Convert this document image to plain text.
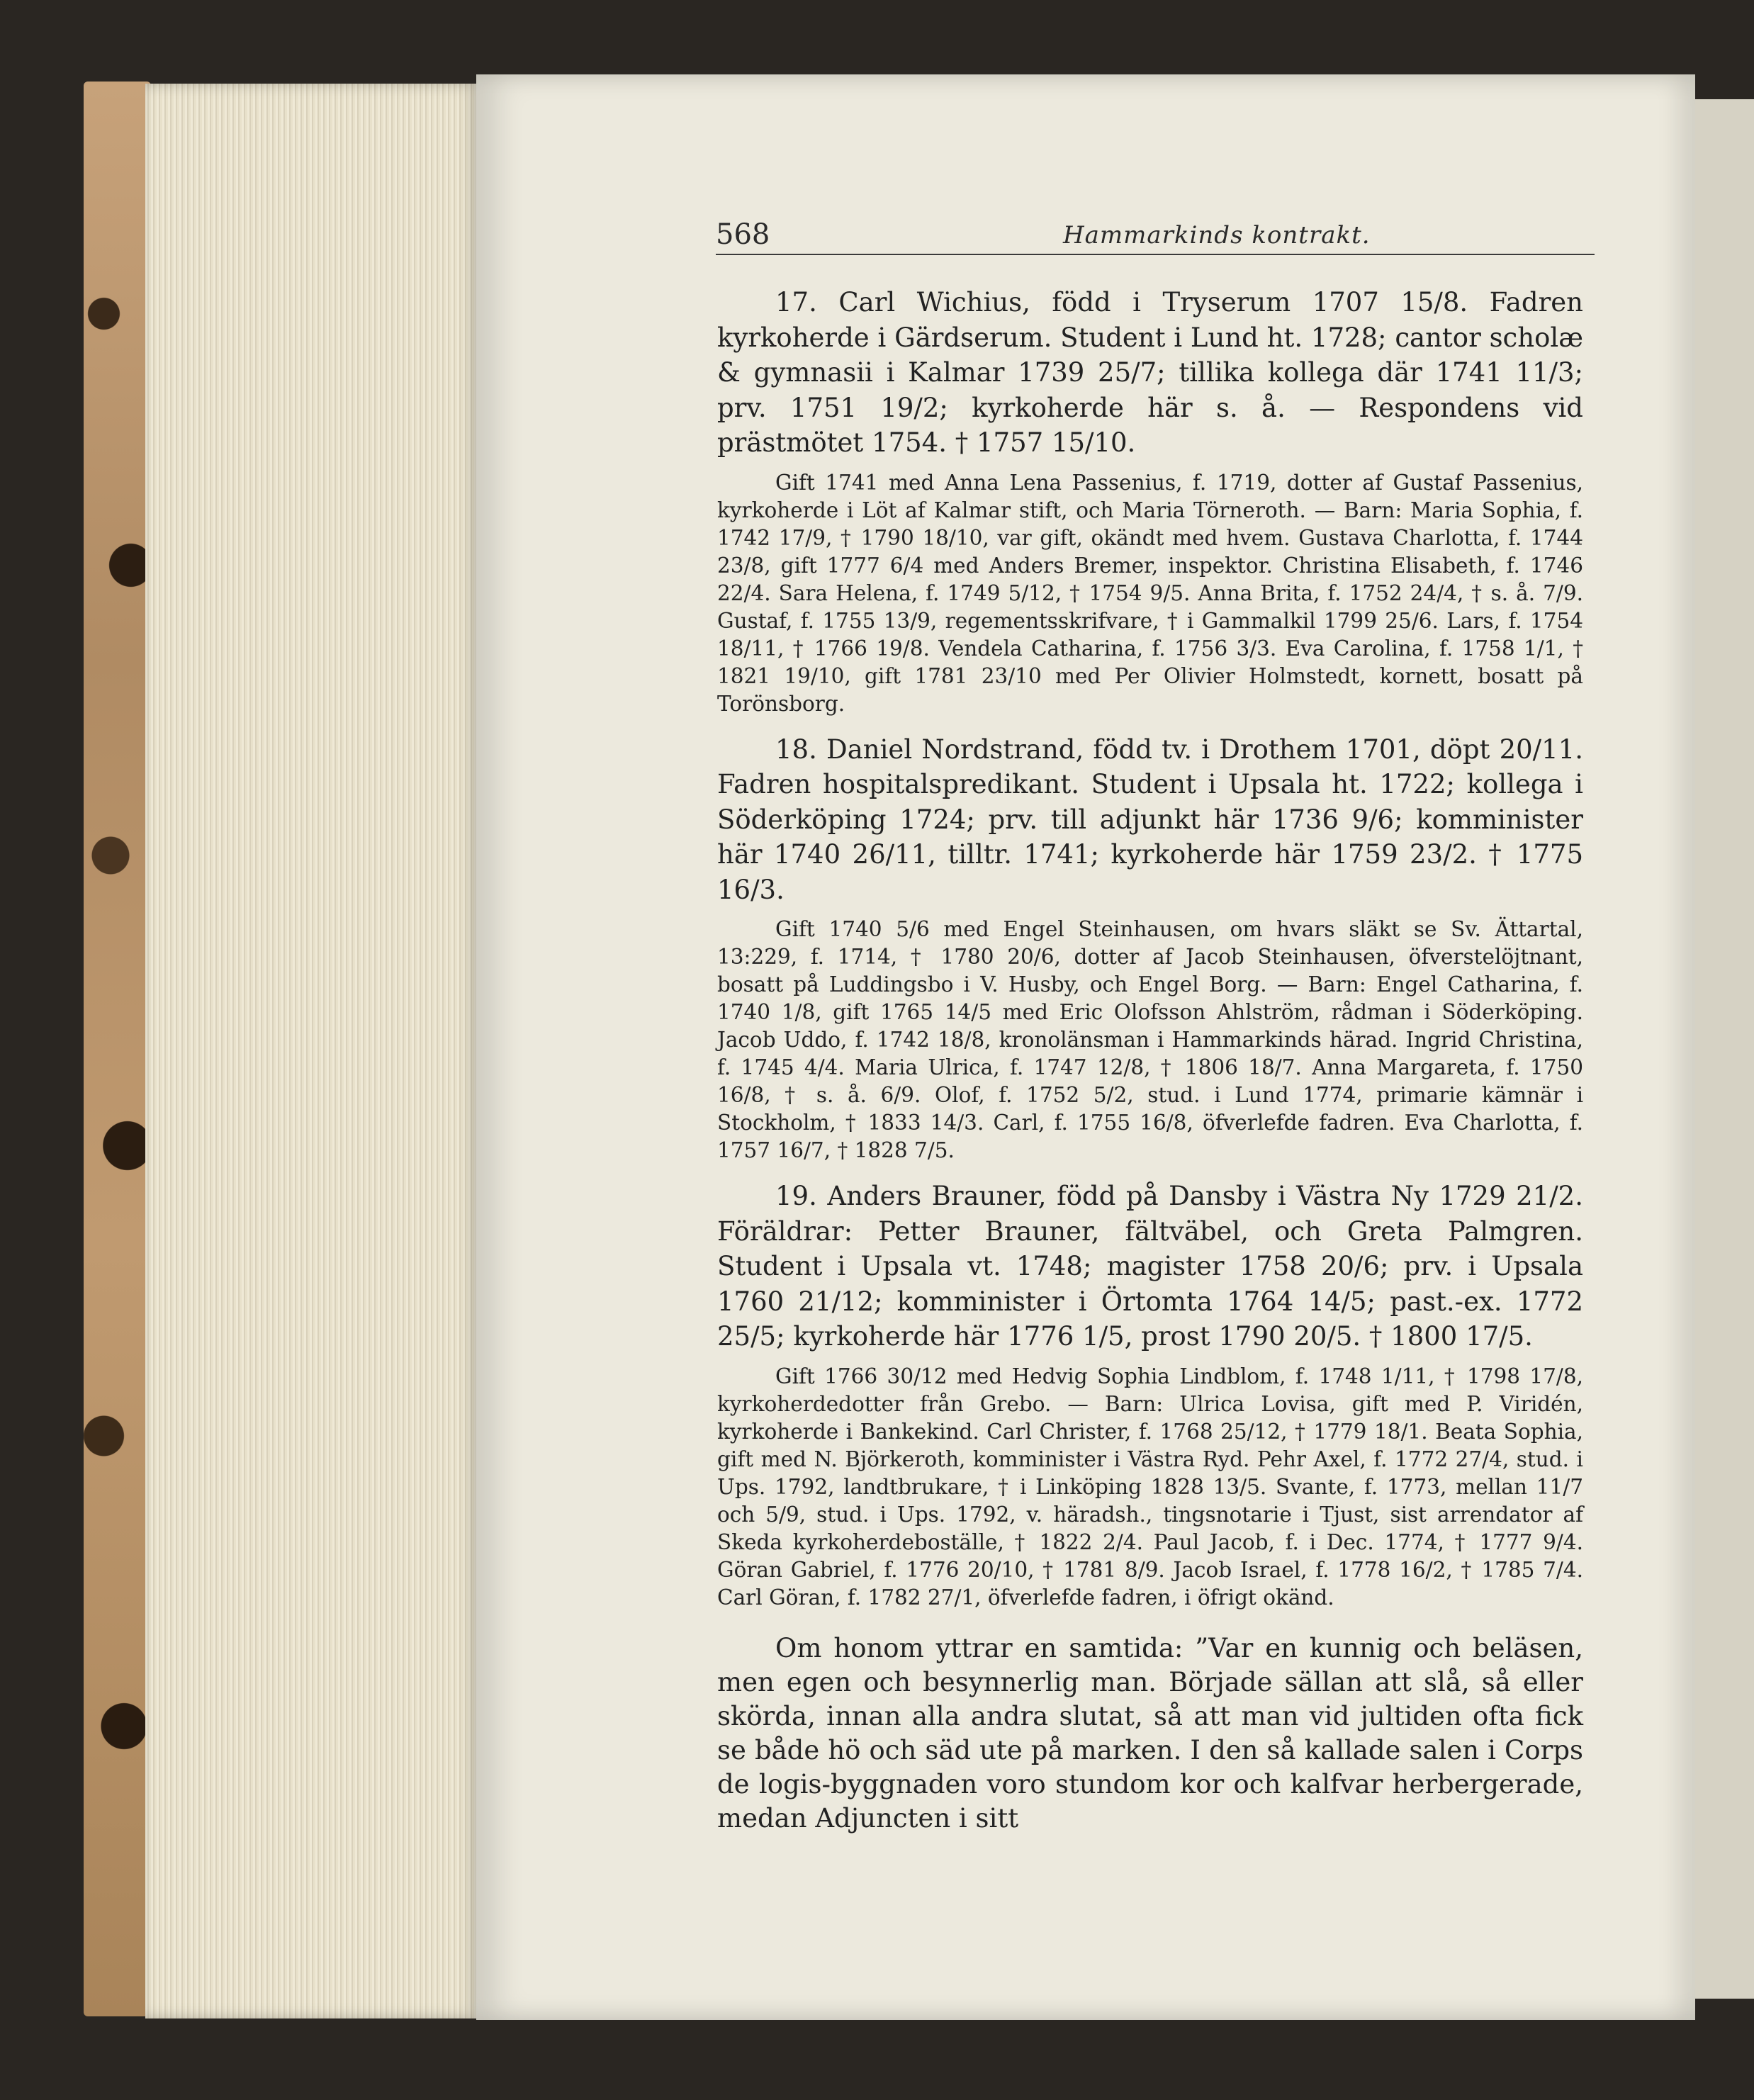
568	Hammarkinds kontrakt.

17. Carl Wichius, född i Tryserum 1707 15/8. Fadren kyrkoherde i Gärdserum. Student i Lund ht. 1728; cantor scholæ & gymnasii i Kalmar 1739 25/7; tillika kollega där 1741 11/3; prv. 1751 19/2; kyrkoherde här s. å. — Respondens vid prästmötet 1754. † 1757 15/10.

Gift 1741 med Anna Lena Passenius, f. 1719, dotter af Gustaf Passenius, kyrkoherde i Löt af Kalmar stift, och Maria Törneroth. — Barn: Maria Sophia, f. 1742 17/9, † 1790 18/10, var gift, okändt med hvem. Gustava Charlotta, f. 1744 23/8, gift 1777 6/4 med Anders Bremer, inspektor. Christina Elisabeth, f. 1746 22/4. Sara Helena, f. 1749 5/12, † 1754 9/5. Anna Brita, f. 1752 24/4, † s. å. 7/9. Gustaf, f. 1755 13/9, regementsskrifvare, † i Gammalkil 1799 25/6. Lars, f. 1754 18/11, † 1766 19/8. Vendela Catharina, f. 1756 3/3. Eva Carolina, f. 1758 1/1, † 1821 19/10, gift 1781 23/10 med Per Olivier Holmstedt, kornett, bosatt på Torönsborg.

18. Daniel Nordstrand, född tv. i Drothem 1701, döpt 20/11. Fadren hospitalspredikant. Student i Upsala ht. 1722; kollega i Söderköping 1724; prv. till adjunkt här 1736 9/6; komminister här 1740 26/11, tilltr. 1741; kyrkoherde här 1759 23/2. † 1775 16/3.

Gift 1740 5/6 med Engel Steinhausen, om hvars släkt se Sv. Ättartal, 13:229, f. 1714, † 1780 20/6, dotter af Jacob Steinhausen, öfverstelöjtnant, bosatt på Luddingsbo i V. Husby, och Engel Borg. — Barn: Engel Catharina, f. 1740 1/8, gift 1765 14/5 med Eric Olofsson Ahlström, rådman i Söderköping. Jacob Uddo, f. 1742 18/8, kronolänsman i Hammarkinds härad. Ingrid Christina, f. 1745 4/4. Maria Ulrica, f. 1747 12/8, † 1806 18/7. Anna Margareta, f. 1750 16/8, † s. å. 6/9. Olof, f. 1752 5/2, stud. i Lund 1774, primarie kämnär i Stockholm, † 1833 14/3. Carl, f. 1755 16/8, öfverlefde fadren. Eva Charlotta, f. 1757 16/7, † 1828 7/5.

19. Anders Brauner, född på Dansby i Västra Ny 1729 21/2. Föräldrar: Petter Brauner, fältväbel, och Greta Palmgren. Student i Upsala vt. 1748; magister 1758 20/6; prv. i Upsala 1760 21/12; komminister i Örtomta 1764 14/5; past.-ex. 1772 25/5; kyrkoherde här 1776 1/5, prost 1790 20/5. † 1800 17/5.

Gift 1766 30/12 med Hedvig Sophia Lindblom, f. 1748 1/11, † 1798 17/8, kyrkoherdedotter från Grebo. — Barn: Ulrica Lovisa, gift med P. Viridén, kyrkoherde i Bankekind. Carl Christer, f. 1768 25/12, † 1779 18/1. Beata Sophia, gift med N. Björkeroth, komminister i Västra Ryd. Pehr Axel, f. 1772 27/4, stud. i Ups. 1792, landtbrukare, † i Linköping 1828 13/5. Svante, f. 1773, mellan 11/7 och 5/9, stud. i Ups. 1792, v. häradsh., tingsnotarie i Tjust, sist arrendator af Skeda kyrkoherdeboställe, † 1822 2/4. Paul Jacob, f. i Dec. 1774, † 1777 9/4. Göran Gabriel, f. 1776 20/10, † 1781 8/9. Jacob Israel, f. 1778 16/2, † 1785 7/4. Carl Göran, f. 1782 27/1, öfverlefde fadren, i öfrigt okänd.

Om honom yttrar en samtida: ”Var en kunnig och beläsen, men egen och besynnerlig man. Började sällan att slå, så eller skörda, innan alla andra slutat, så att man vid jultiden ofta fick se både hö och säd ute på marken. I den så kallade salen i Corps de logis-byggnaden voro stundom kor och kalfvar herbergerade, medan Adjuncten i sitt
